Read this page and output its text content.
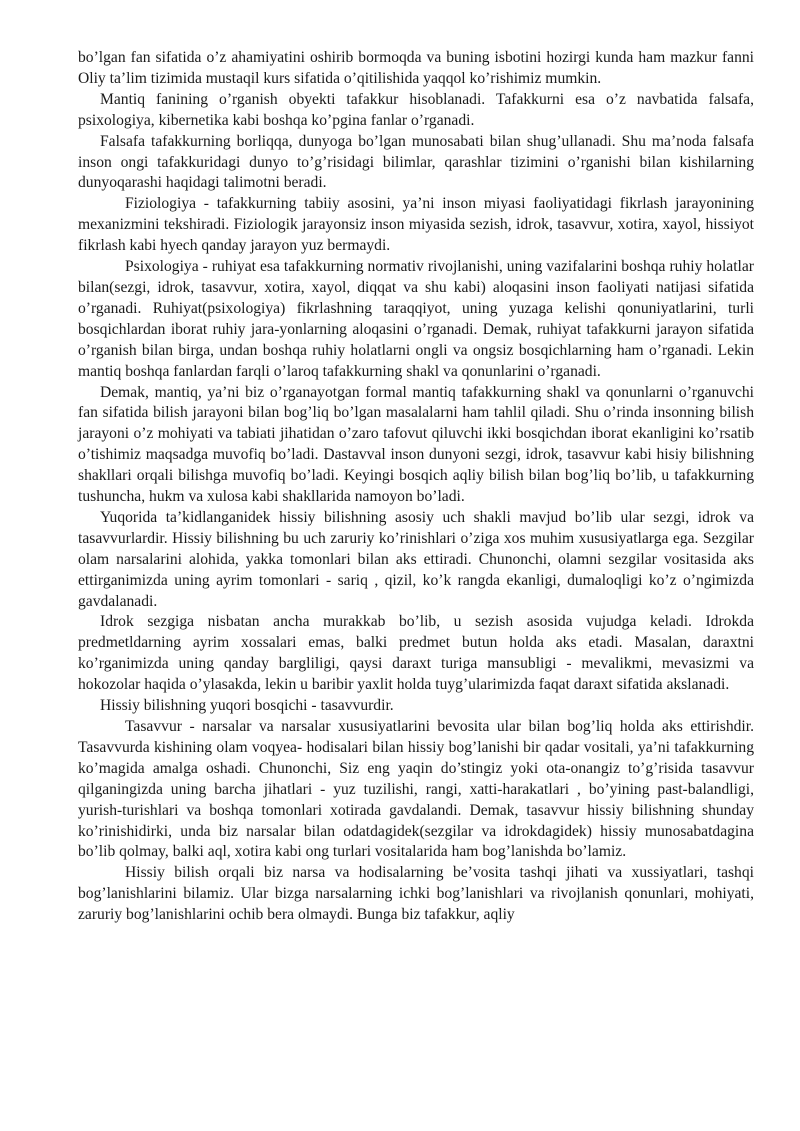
bo’lgan fan sifatida o’z ahamiyatini oshirib bormoqda va buning isbotini hozirgi kunda ham mazkur fanni Oliy ta’lim tizimida mustaqil kurs sifatida o’qitilishida yaqqol ko’rishimiz mumkin.

Mantiq fanining o’rganish obyekti tafakkur hisoblanadi. Tafakkurni esa o’z navbatida falsafa, psixologiya, kibernetika kabi boshqa ko’pgina fanlar o’rganadi.

Falsafa tafakkurning borliqqa, dunyoga bo’lgan munosabati bilan shug’ullanadi. Shu ma’noda falsafa inson ongi tafakkuridagi dunyo to’g’risidagi bilimlar, qarashlar tizimini o’rganishi bilan kishilarning dunyoqarashi haqidagi talimotni beradi.

Fiziologiya - tafakkurning tabiiy asosini, ya’ni inson miyasi faoliyatidagi fikrlash jarayonining mexanizmini tekshiradi. Fiziologik jarayonsiz inson miyasida sezish, idrok, tasavvur, xotira, xayol, hissiyot fikrlash kabi hyech qanday jarayon yuz bermaydi.

Psixologiya - ruhiyat esa tafakkurning normativ rivojlanishi, uning vazifalarini boshqa ruhiy holatlar bilan(sezgi, idrok, tasavvur, xotira, xayol, diqqat va shu kabi) aloqasini inson faoliyati natijasi sifatida o’rganadi. Ruhiyat(psixologiya) fikrlashning taraqqiyot, uning yuzaga kelishi qonuniyatlarini, turli bosqichlardan iborat ruhiy jara-yonlarning aloqasini o’rganadi. Demak, ruhiyat tafakkurni jarayon sifatida o’rganish bilan birga, undan boshqa ruhiy holatlarni ongli va ongsiz bosqichlarning ham o’rganadi. Lekin mantiq boshqa fanlardan farqli o’laroq tafakkurning shakl va qonunlarini o’rganadi.

Demak, mantiq, ya’ni biz o’rganayotgan formal mantiq tafakkurning shakl va qonunlarni o’rganuvchi fan sifatida bilish jarayoni bilan bog’liq bo’lgan masalalarni ham tahlil qiladi. Shu o’rinda insonning bilish jarayoni o’z mohiyati va tabiati jihatidan o’zaro tafovut qiluvchi ikki bosqichdan iborat ekanligini ko’rsatib o’tishimiz maqsadga muvofiq bo’ladi. Dastavval inson dunyoni sezgi, idrok, tasavvur kabi hisiy bilishning shakllari orqali bilishga muvofiq bo’ladi. Keyingi bosqich aqliy bilish bilan bog’liq bo’lib, u tafakkurning tushuncha, hukm va xulosa kabi shakllarida namoyon bo’ladi.

Yuqorida ta’kidlanganidek hissiy bilishning asosiy uch shakli mavjud bo’lib ular sezgi, idrok va tasavvurlardir. Hissiy bilishning bu uch zaruriy ko’rinishlari o’ziga xos muhim xususiyatlarga ega. Sezgilar olam narsalarini alohida, yakka tomonlari bilan aks ettiradi. Chunonchi, olamni sezgilar vositasida aks ettirganimizda uning ayrim tomonlari - sariq , qizil, ko’k rangda ekanligi, dumaloqligi ko’z o’ngimizda gavdalanadi.

Idrok sezgiga nisbatan ancha murakkab bo’lib, u sezish asosida vujudga keladi. Idrokda predmetldarning ayrim xossalari emas, balki predmet butun holda aks etadi. Masalan, daraxtni ko’rganimizda uning qanday bargliligi, qaysi daraxt turiga mansubligi - mevalikmi, mevasizmi va hokozolar haqida o’ylasakda, lekin u baribir yaxlit holda tuyg’ularimizda faqat daraxt sifatida akslanadi.

Hissiy bilishning yuqori bosqichi - tasavvurdir.

Tasavvur - narsalar va narsalar xususiyatlarini bevosita ular bilan bog’liq holda aks ettirishdir. Tasavvurda kishining olam voqyea- hodisalari bilan hissiy bog’lanishi bir qadar vositali, ya’ni tafakkurning ko’magida amalga oshadi. Chunonchi, Siz eng yaqin do’stingiz yoki ota-onangiz to’g’risida tasavvur qilganingizda uning barcha jihatlari - yuz tuzilishi, rangi, xatti-harakatlari , bo’yining past-balandligi, yurish-turishlari va boshqa tomonlari xotirada gavdalandi. Demak, tasavvur hissiy bilishning shunday ko’rinishidirki, unda biz narsalar bilan odatdagidek(sezgilar va idrokdagidek) hissiy munosabatdagina bo’lib qolmay, balki aql, xotira kabi ong turlari vositalarida ham bog’lanishda bo’lamiz.

Hissiy bilish orqali biz narsa va hodisalarning be’vosita tashqi jihati va xussiyatlari, tashqi bog’lanishlarini bilamiz. Ular bizga narsalarning ichki bog’lanishlari va rivojlanish qonunlari, mohiyati, zaruriy bog’lanishlarini ochib bera olmaydi. Bunga biz tafakkur, aqliy
